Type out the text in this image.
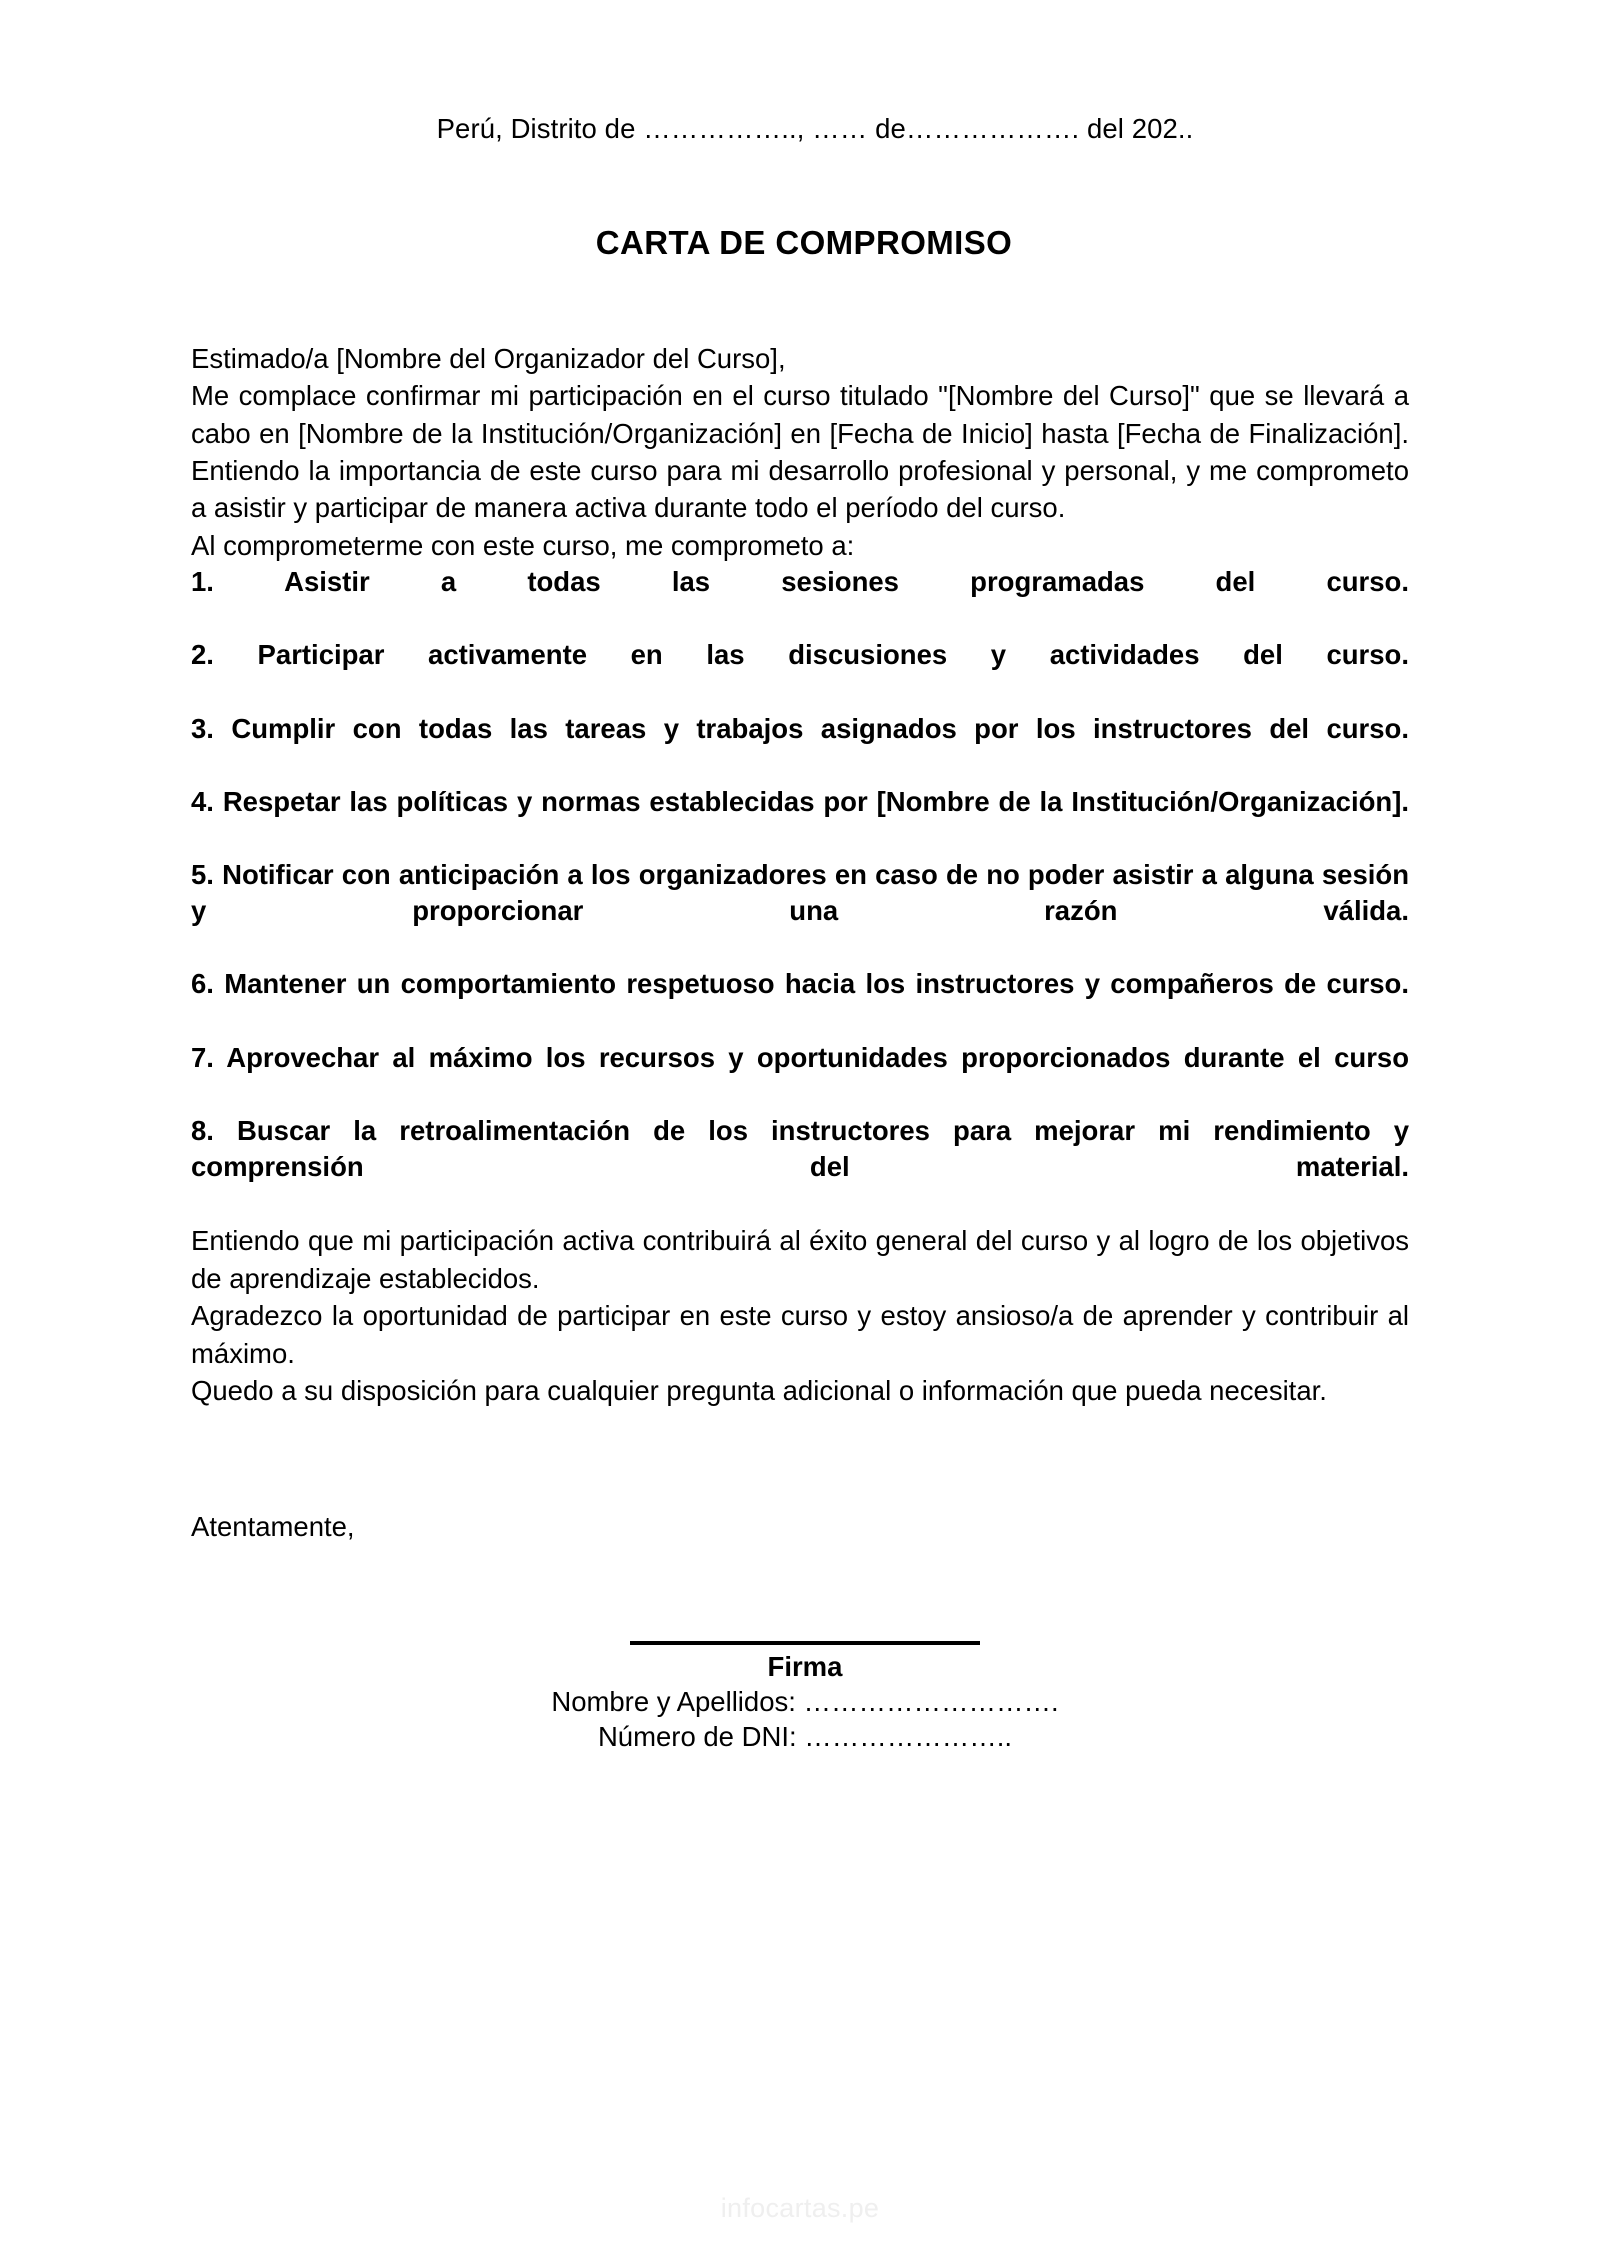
Perú, Distrito de …………….., …… de………………. del 202..
CARTA DE COMPROMISO
Estimado/a [Nombre del Organizador del Curso],

Me complace confirmar mi participación en el curso titulado "[Nombre del Curso]" que se llevará a cabo en [Nombre de la Institución/Organización] en [Fecha de Inicio] hasta [Fecha de Finalización]. Entiendo la importancia de este curso para mi desarrollo profesional y personal, y me comprometo a asistir y participar de manera activa durante todo el período del curso.

Al comprometerme con este curso, me comprometo a:

1. Asistir a todas las sesiones programadas del curso.
2. Participar activamente en las discusiones y actividades del curso.
3. Cumplir con todas las tareas y trabajos asignados por los instructores del curso.
4. Respetar las políticas y normas establecidas por [Nombre de la Institución/Organización].
5. Notificar con anticipación a los organizadores en caso de no poder asistir a alguna sesión y proporcionar una razón válida.
6. Mantener un comportamiento respetuoso hacia los instructores y compañeros de curso.
7. Aprovechar al máximo los recursos y oportunidades proporcionados durante el curso
8. Buscar la retroalimentación de los instructores para mejorar mi rendimiento y comprensión del material.

Entiendo que mi participación activa contribuirá al éxito general del curso y al logro de los objetivos de aprendizaje establecidos.

Agradezco la oportunidad de participar en este curso y estoy ansioso/a de aprender y contribuir al máximo.

Quedo a su disposición para cualquier pregunta adicional o información que pueda necesitar.

Atentamente,
Firma
Nombre y Apellidos: ……………………….
Número de DNI: …………………..
infocartas.pe
